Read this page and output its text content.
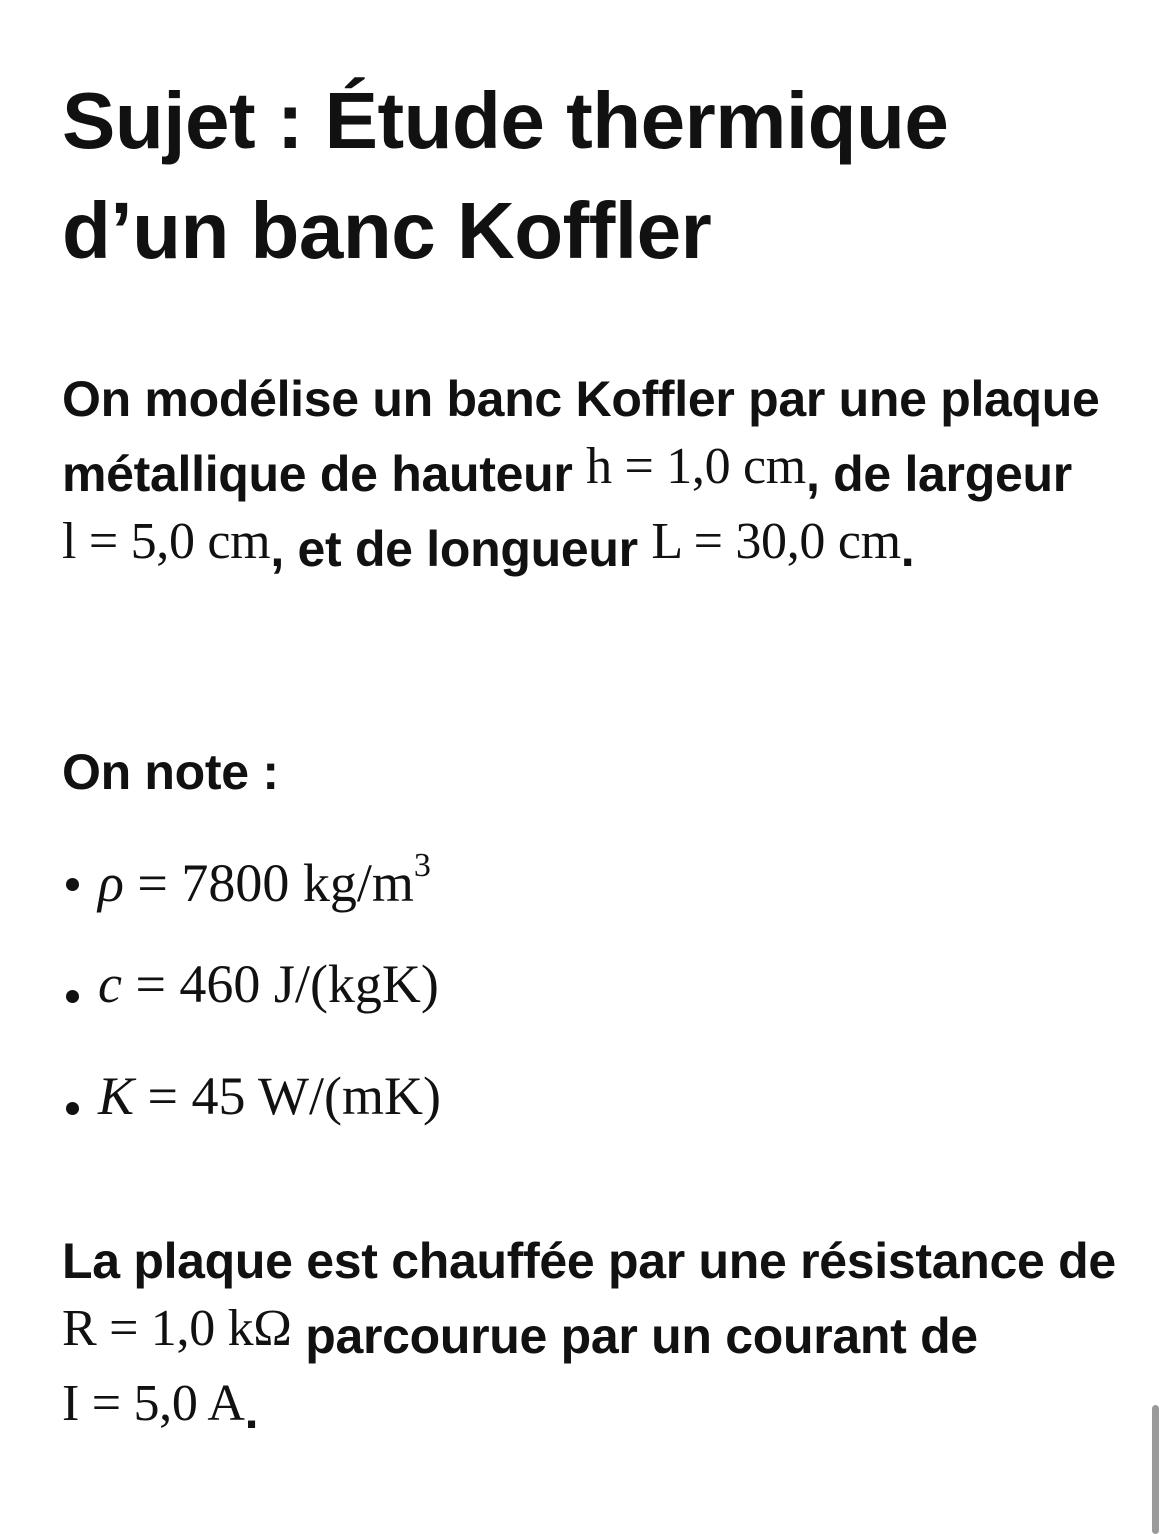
Sujet : Étude thermique d’un banc Koffler
On modélise un banc Koffler par une plaque métallique de hauteur h = 1,0 cm, de largeur l = 5,0 cm, et de longueur L = 30,0 cm.
On note :
ρ = 7800 $kg/m^3$
c = 460 J/(kgK)
K = 45 W/(mK)
La plaque est chauffée par une résistance de R = 1,0 kΩ parcourue par un courant de I = 5,0 A.
